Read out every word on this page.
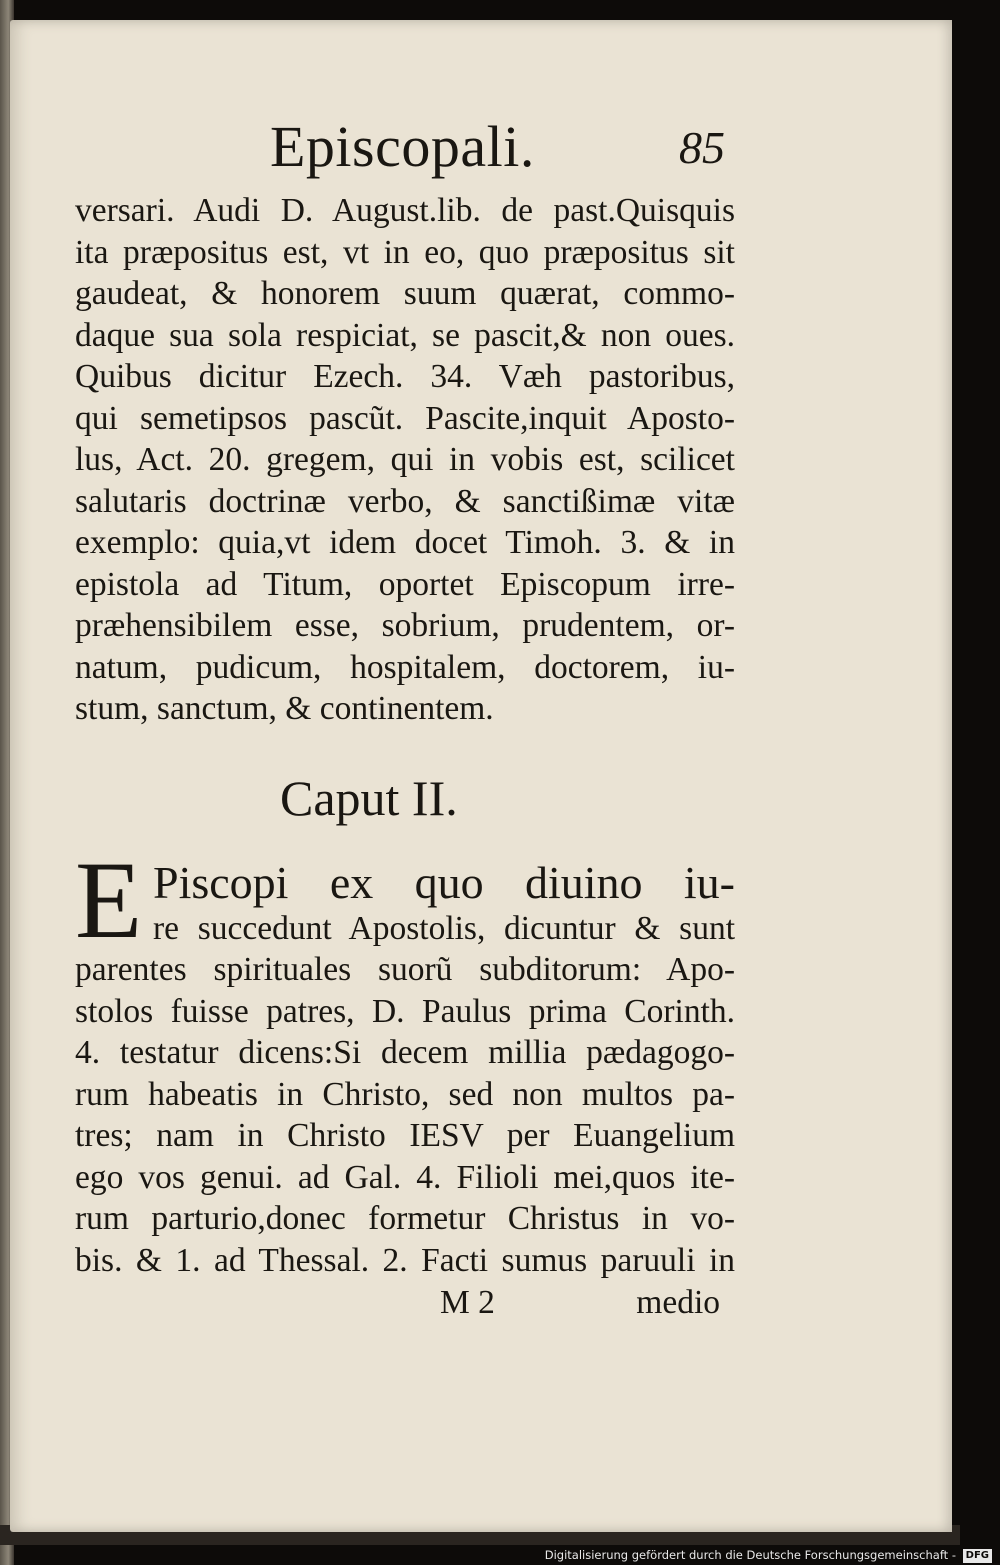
Episcopali.	85
versari. Audi D. August.lib. de past.Quisquis
ita præpositus est, vt in eo, quo præpositus sit
gaudeat, & honorem suum quærat, commo-
daque sua sola respiciat, se pascit,& non oues.
Quibus dicitur Ezech. 34. Væh pastoribus,
qui semetipsos pascũt. Pascite,inquit Apostо-
lus, Act. 20. gregem, qui in vobis est, scilicet
salutaris doctrinæ verbo, & sanctißimæ vitæ
exemplo: quia,vt idem docet Timoh. 3. & in
epistola ad Titum, oportet Episcopum irre-
præhensibilem esse, sobrium, prudentem, or-
natum, pudicum, hospitalem, doctorem, iu-
stum, sanctum, & continentem.
Caput II.
E Piscopi ex quo diuino iu-
re succedunt Apostolis, dicuntur & sunt
parentes spirituales suorũ subditorum: Apo-
stolos fuisse patres, D. Paulus prima Corinth.
4. testatur dicens:Si decem millia pædagogo-
rum habeatis in Christo, sed non multos pa-
tres; nam in Christo IESV per Euangelium
ego vos genui. ad Gal. 4. Filioli mei,quos ite-
rum parturio,donec formetur Christus in vo-
bis. & 1. ad Thessal. 2. Facti sumus paruuli in
M 2	medio
Digitalisierung gefördert durch die Deutsche Forschungsgemeinschaft - DFG
